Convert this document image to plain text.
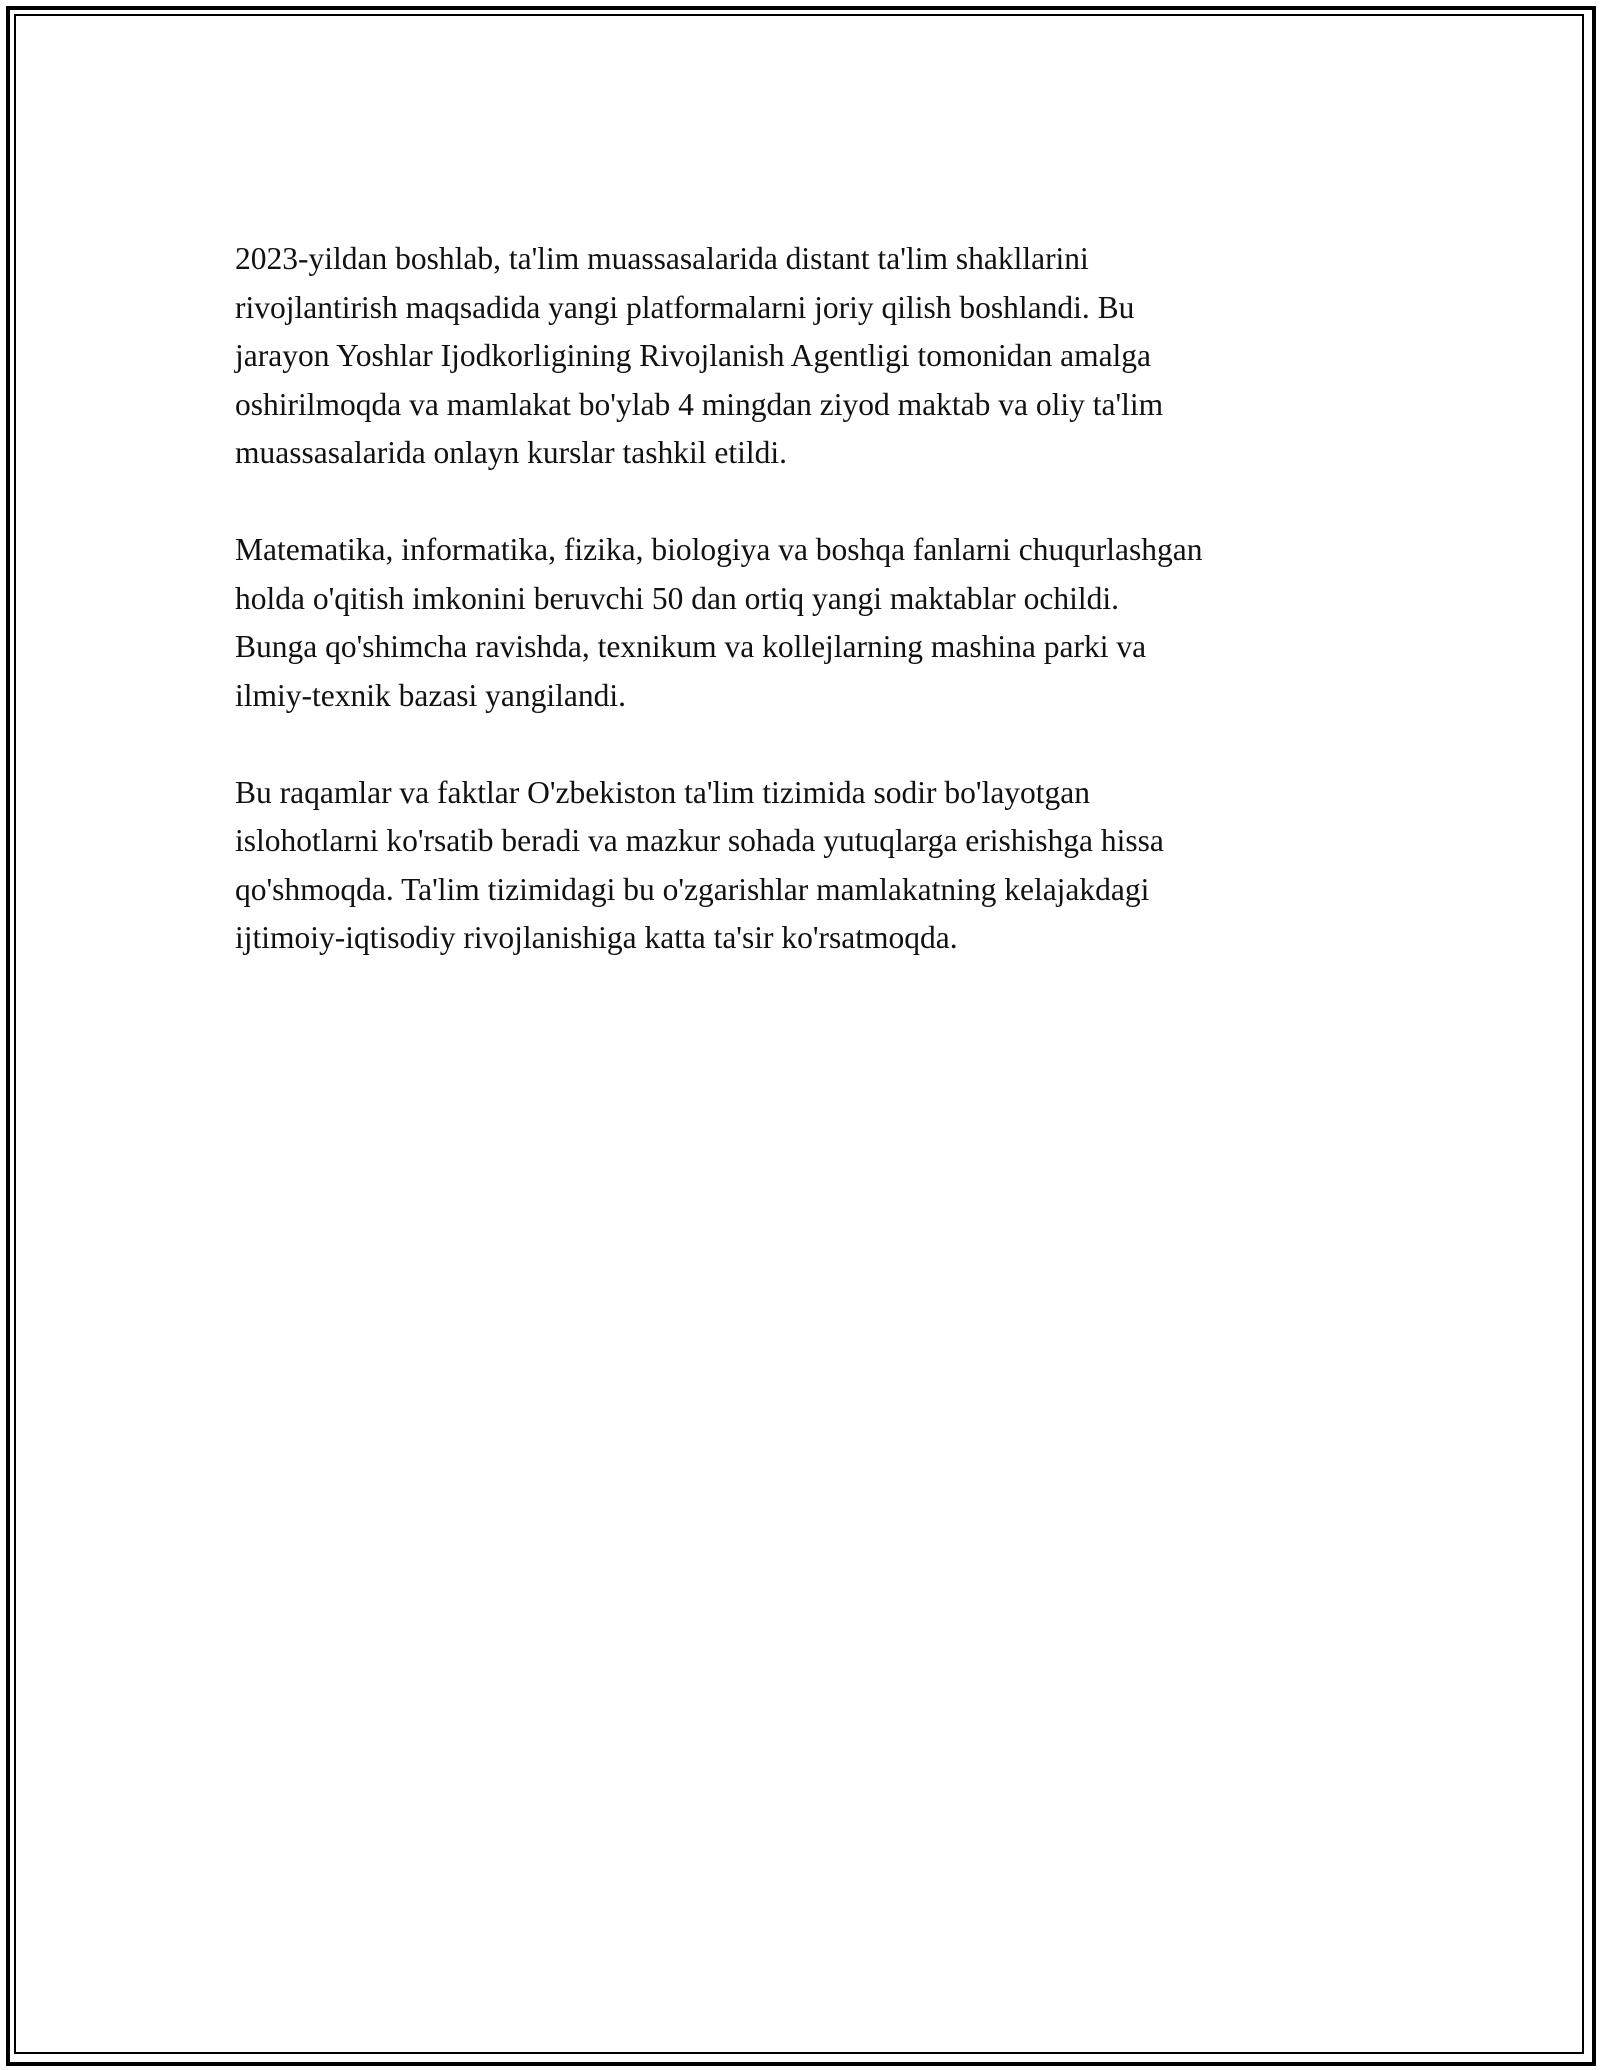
2023-yildan boshlab, ta'lim muassasalarida distant ta'lim shakllarini
rivojlantirish maqsadida yangi platformalarni joriy qilish boshlandi. Bu
jarayon Yoshlar Ijodkorligining Rivojlanish Agentligi tomonidan amalga
oshirilmoqda va mamlakat bo'ylab 4 mingdan ziyod maktab va oliy ta'lim
muassasalarida onlayn kurslar tashkil etildi.

Matematika, informatika, fizika, biologiya va boshqa fanlarni chuqurlashgan
holda o'qitish imkonini beruvchi 50 dan ortiq yangi maktablar ochildi.
Bunga qo'shimcha ravishda, texnikum va kollejlarning mashina parki va
ilmiy-texnik bazasi yangilandi.

Bu raqamlar va faktlar O'zbekiston ta'lim tizimida sodir bo'layotgan
islohotlarni ko'rsatib beradi va mazkur sohada yutuqlarga erishishga hissa
qo'shmoqda. Ta'lim tizimidagi bu o'zgarishlar mamlakatning kelajakdagi
ijtimoiy-iqtisodiy rivojlanishiga katta ta'sir ko'rsatmoqda.
